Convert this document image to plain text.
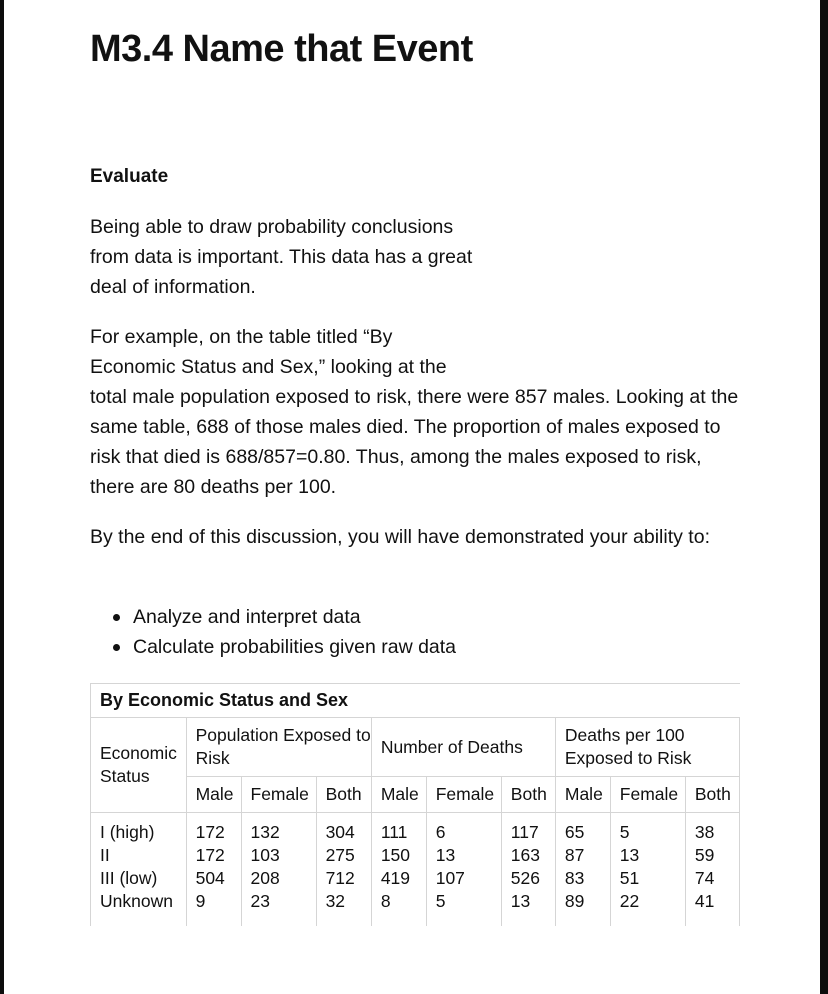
M3.4 Name that Event
Evaluate

Being able to draw probability conclusions from data is important. This data has a great deal of information.

For example, on the table titled “By
Economic Status and Sex,” looking at the
total male population exposed to risk, there were 857 males. Looking at the same table, 688 of those males died. The proportion of males exposed to risk that died is 688/857=0.80. Thus, among the males exposed to risk, there are 80 deaths per 100.

By the end of this discussion, you will have demonstrated your ability to:

Analyze and interpret data
Calculate probabilities given raw data
By Economic Status and Sex									
Economic Status	Population Exposed to Risk			Number of Deaths			Deaths per 100 Exposed to Risk		
	Male	Female	Both	Male	Female	Both	Male	Female	Both
I (high)	172	132	304	111	6	117	65	5	38
II	172	103	275	150	13	163	87	13	59
III (low)	504	208	712	419	107	526	83	51	74
Unknown	9	23	32	8	5	13	89	22	41
